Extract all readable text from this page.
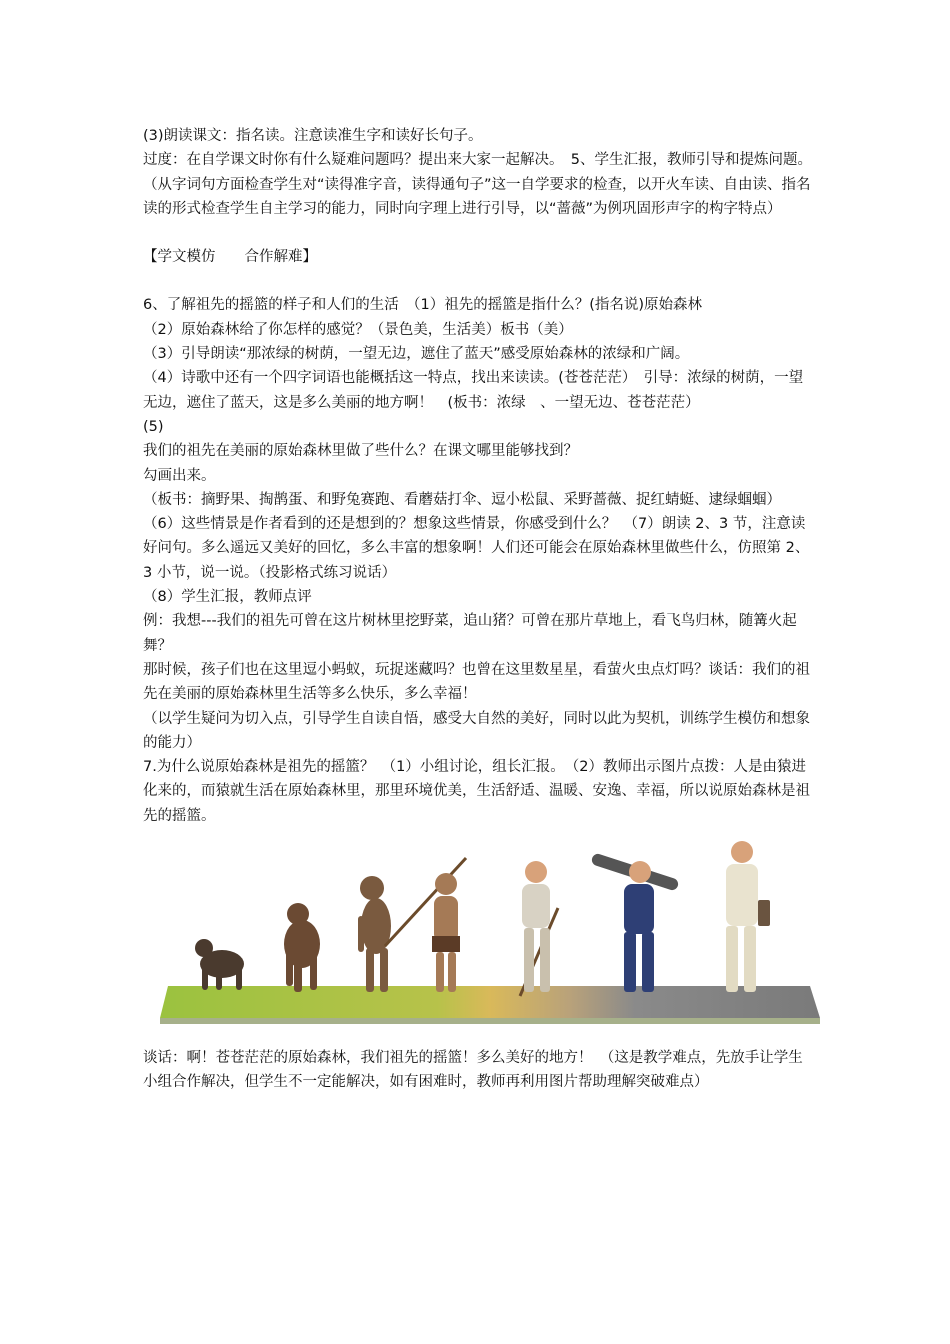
(3)朗读课文：指名读。注意读准生字和读好长句子。

过度：在自学课文时你有什么疑难问题吗？提出来大家一起解决。　5、学生汇报，教师引导和提炼问题。

（从字词句方面检查学生对“读得准字音，读得通句子”这一自学要求的检查，以开火车读、自由读、指名读的形式检查学生自主学习的能力，同时向字理上进行引导，以“蔷薇”为例巩固形声字的构字特点）

【学文模仿　　合作解难】

6、了解祖先的摇篮的样子和人们的生活　（1）祖先的摇篮是指什么？(指名说)原始森林

（2）原始森林给了你怎样的感觉？（景色美，生活美）板书（美）

（3）引导朗读“那浓绿的树荫，一望无边，遮住了蓝天”感受原始森林的浓绿和广阔。

（4）诗歌中还有一个四字词语也能概括这一特点，找出来读读。(苍苍茫茫）　引导：浓绿的树荫，一望无边，遮住了蓝天，这是多么美丽的地方啊！　(板书：浓绿　、一望无边、苍苍茫茫）

(5)

我们的祖先在美丽的原始森林里做了些什么？在课文哪里能够找到？

勾画出来。

（板书：摘野果、掏鹊蛋、和野兔赛跑、看蘑菇打伞、逗小松鼠、采野蔷薇、捉红蜻蜓、逮绿蝈蝈）

（6）这些情景是作者看到的还是想到的？想象这些情景，你感受到什么？　（7）朗读 2、3 节，注意读好问句。多么遥远又美好的回忆，多么丰富的想象啊！人们还可能会在原始森林里做些什么，仿照第 2、3 小节，说一说。（投影格式练习说话）

（8）学生汇报，教师点评

例：我想---我们的祖先可曾在这片树林里挖野菜，追山猪？可曾在那片草地上，看飞鸟归林，随篝火起舞？

那时候，孩子们也在这里逗小蚂蚁，玩捉迷藏吗？也曾在这里数星星，看萤火虫点灯吗？谈话：我们的祖先在美丽的原始森林里生活等多么快乐，多么幸福！

（以学生疑问为切入点，引导学生自读自悟，感受大自然的美好，同时以此为契机，训练学生模仿和想象的能力）

7.为什么说原始森林是祖先的摇篮？　（1）小组讨论，组长汇报。　（2）教师出示图片点拨：人是由猿进化来的，而猿就生活在原始森林里，那里环境优美，生活舒适、温暖、安逸、幸福，所以说原始森林是祖先的摇篮。

谈话：啊！苍苍茫茫的原始森林，我们祖先的摇篮！多么美好的地方！　（这是教学难点，先放手让学生小组合作解决，但学生不一定能解决，如有困难时，教师再利用图片帮助理解突破难点）
